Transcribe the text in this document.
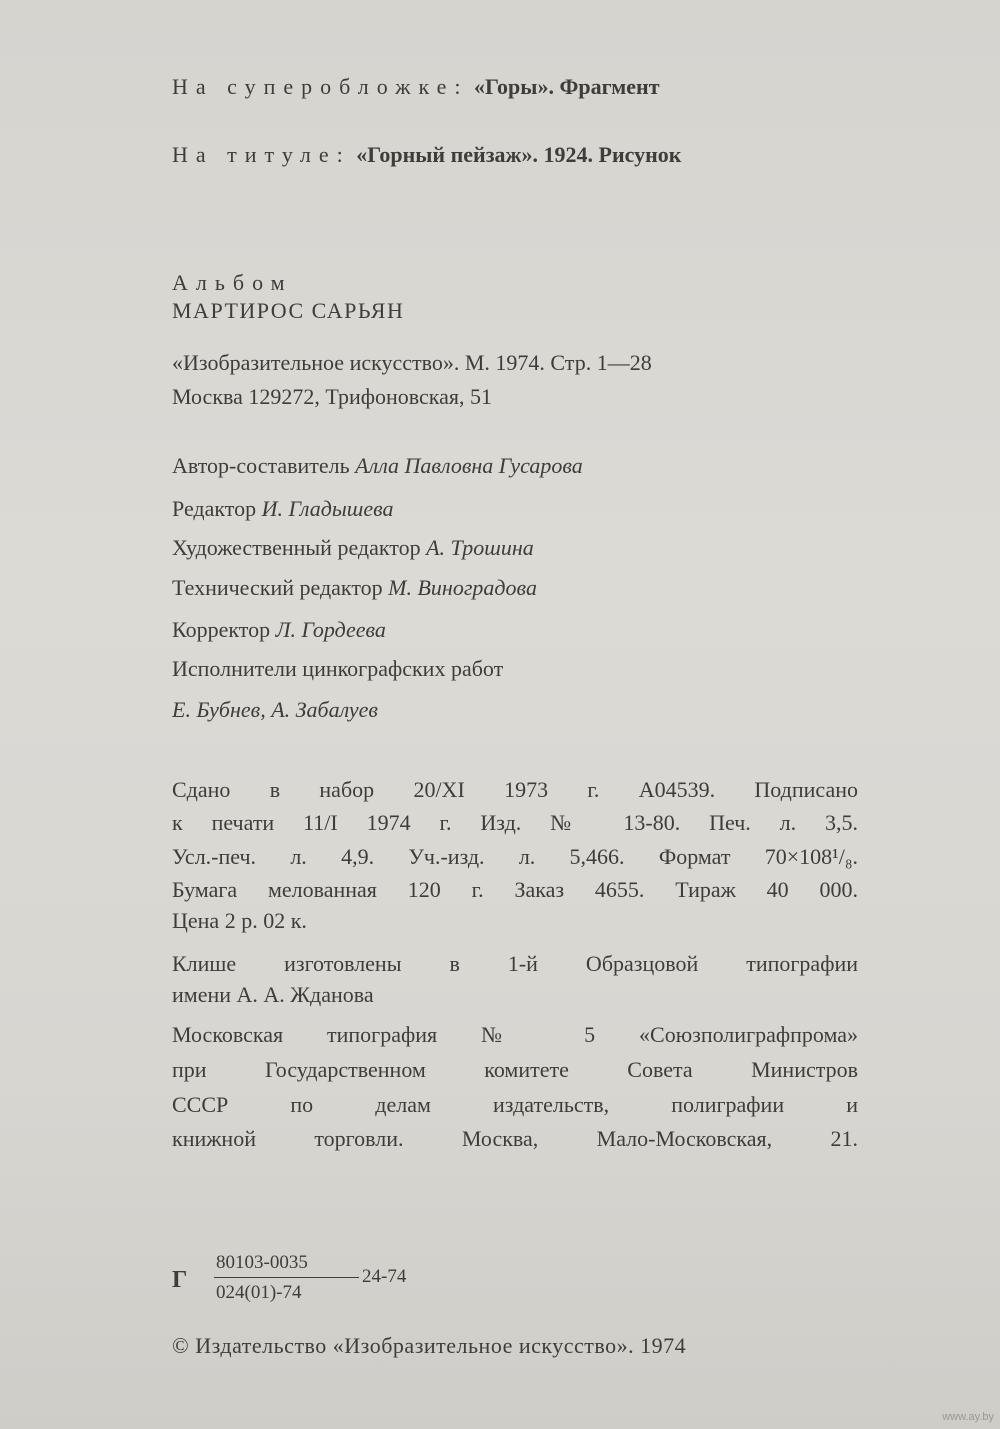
На суперобложке: «Горы». Фрагмент
На титуле: «Горный пейзаж». 1924. Рисунок
Альбом
МАРТИРОС САРЬЯН
«Изобразительное искусство». М. 1974. Стр. 1—28
Москва 129272, Трифоновская, 51
Автор-составитель Алла Павловна Гусарова
Редактор И. Гладышева
Художественный редактор А. Трошина
Технический редактор М. Виноградова
Корректор Л. Гордеева
Исполнители цинкографских работ
Е. Бубнев, А. Забалуев
Сдано в набор 20/XI 1973 г. А04539. Подписано
к печати 11/I 1974 г. Изд. № 13-80. Печ. л. 3,5.
Усл.-печ. л. 4,9. Уч.-изд. л. 5,466. Формат 70×108¹/₈.
Бумага мелованная 120 г. Заказ 4655. Тираж 40 000.
Цена 2 р. 02 к.
Клише изготовлены в 1-й Образцовой типографии
имени А. А. Жданова
Московская типография № 5 «Союзполиграфпрома»
при Государственном комитете Совета Министров
СССР по делам издательств, полиграфии и
книжной торговли. Москва, Мало-Московская, 21.
Г
80103-0035
024(01)-74
24-74
© Издательство «Изобразительное искусство». 1974
www.ay.by
